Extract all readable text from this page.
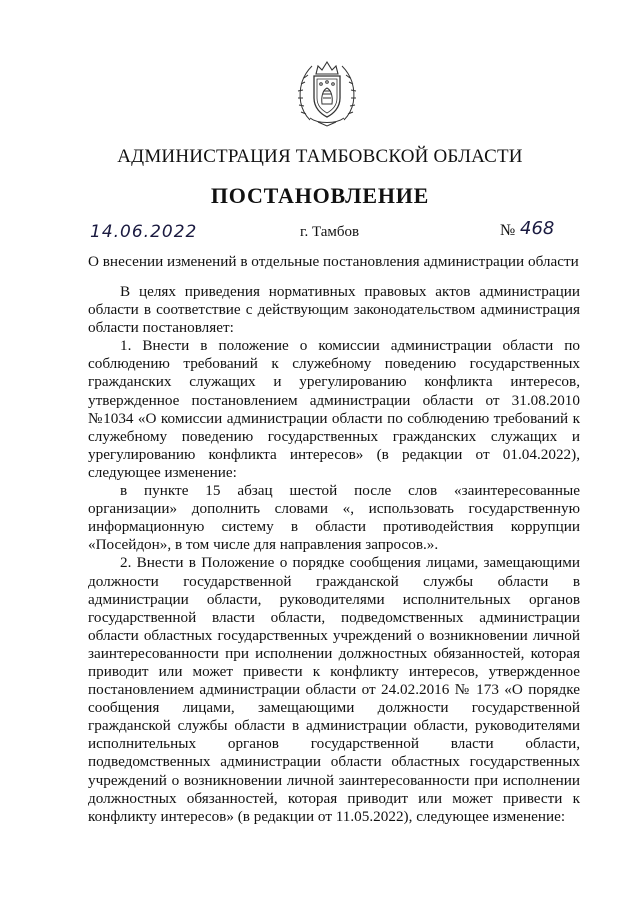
АДМИНИСТРАЦИЯ ТАМБОВСКОЙ ОБЛАСТИ
ПОСТАНОВЛЕНИЕ
14.06.2022	г. Тамбов	№ 468
О внесении изменений в отдельные постановления администрации области

В целях приведения нормативных правовых актов администрации области в соответствие с действующим законодательством администрация области постановляет:

1. Внести в положение о комиссии администрации области по соблюдению требований к служебному поведению государственных гражданских служащих и урегулированию конфликта интересов, утвержденное постановлением администрации области от 31.08.2010 №1034 «О комиссии администрации области по соблюдению требований к служебному поведению государственных гражданских служащих и урегулированию конфликта интересов» (в редакции от 01.04.2022), следующее изменение:

в пункте 15 абзац шестой после слов «заинтересованные организации» дополнить словами «, использовать государственную информационную систему в области противодействия коррупции «Посейдон», в том числе для направления запросов.».

2. Внести в Положение о порядке сообщения лицами, замещающими должности государственной гражданской службы области в администрации области, руководителями исполнительных органов государственной власти области, подведомственных администрации области областных государственных учреждений о возникновении личной заинтересованности при исполнении должностных обязанностей, которая приводит или может привести к конфликту интересов, утвержденное постановлением администрации области от 24.02.2016 № 173 «О порядке сообщения лицами, замещающими должности государственной гражданской службы области в администрации области, руководителями исполнительных органов государственной власти области, подведомственных администрации области областных государственных учреждений о возникновении личной заинтересованности при исполнении должностных обязанностей, которая приводит или может привести к конфликту интересов» (в редакции от 11.05.2022), следующее изменение:
